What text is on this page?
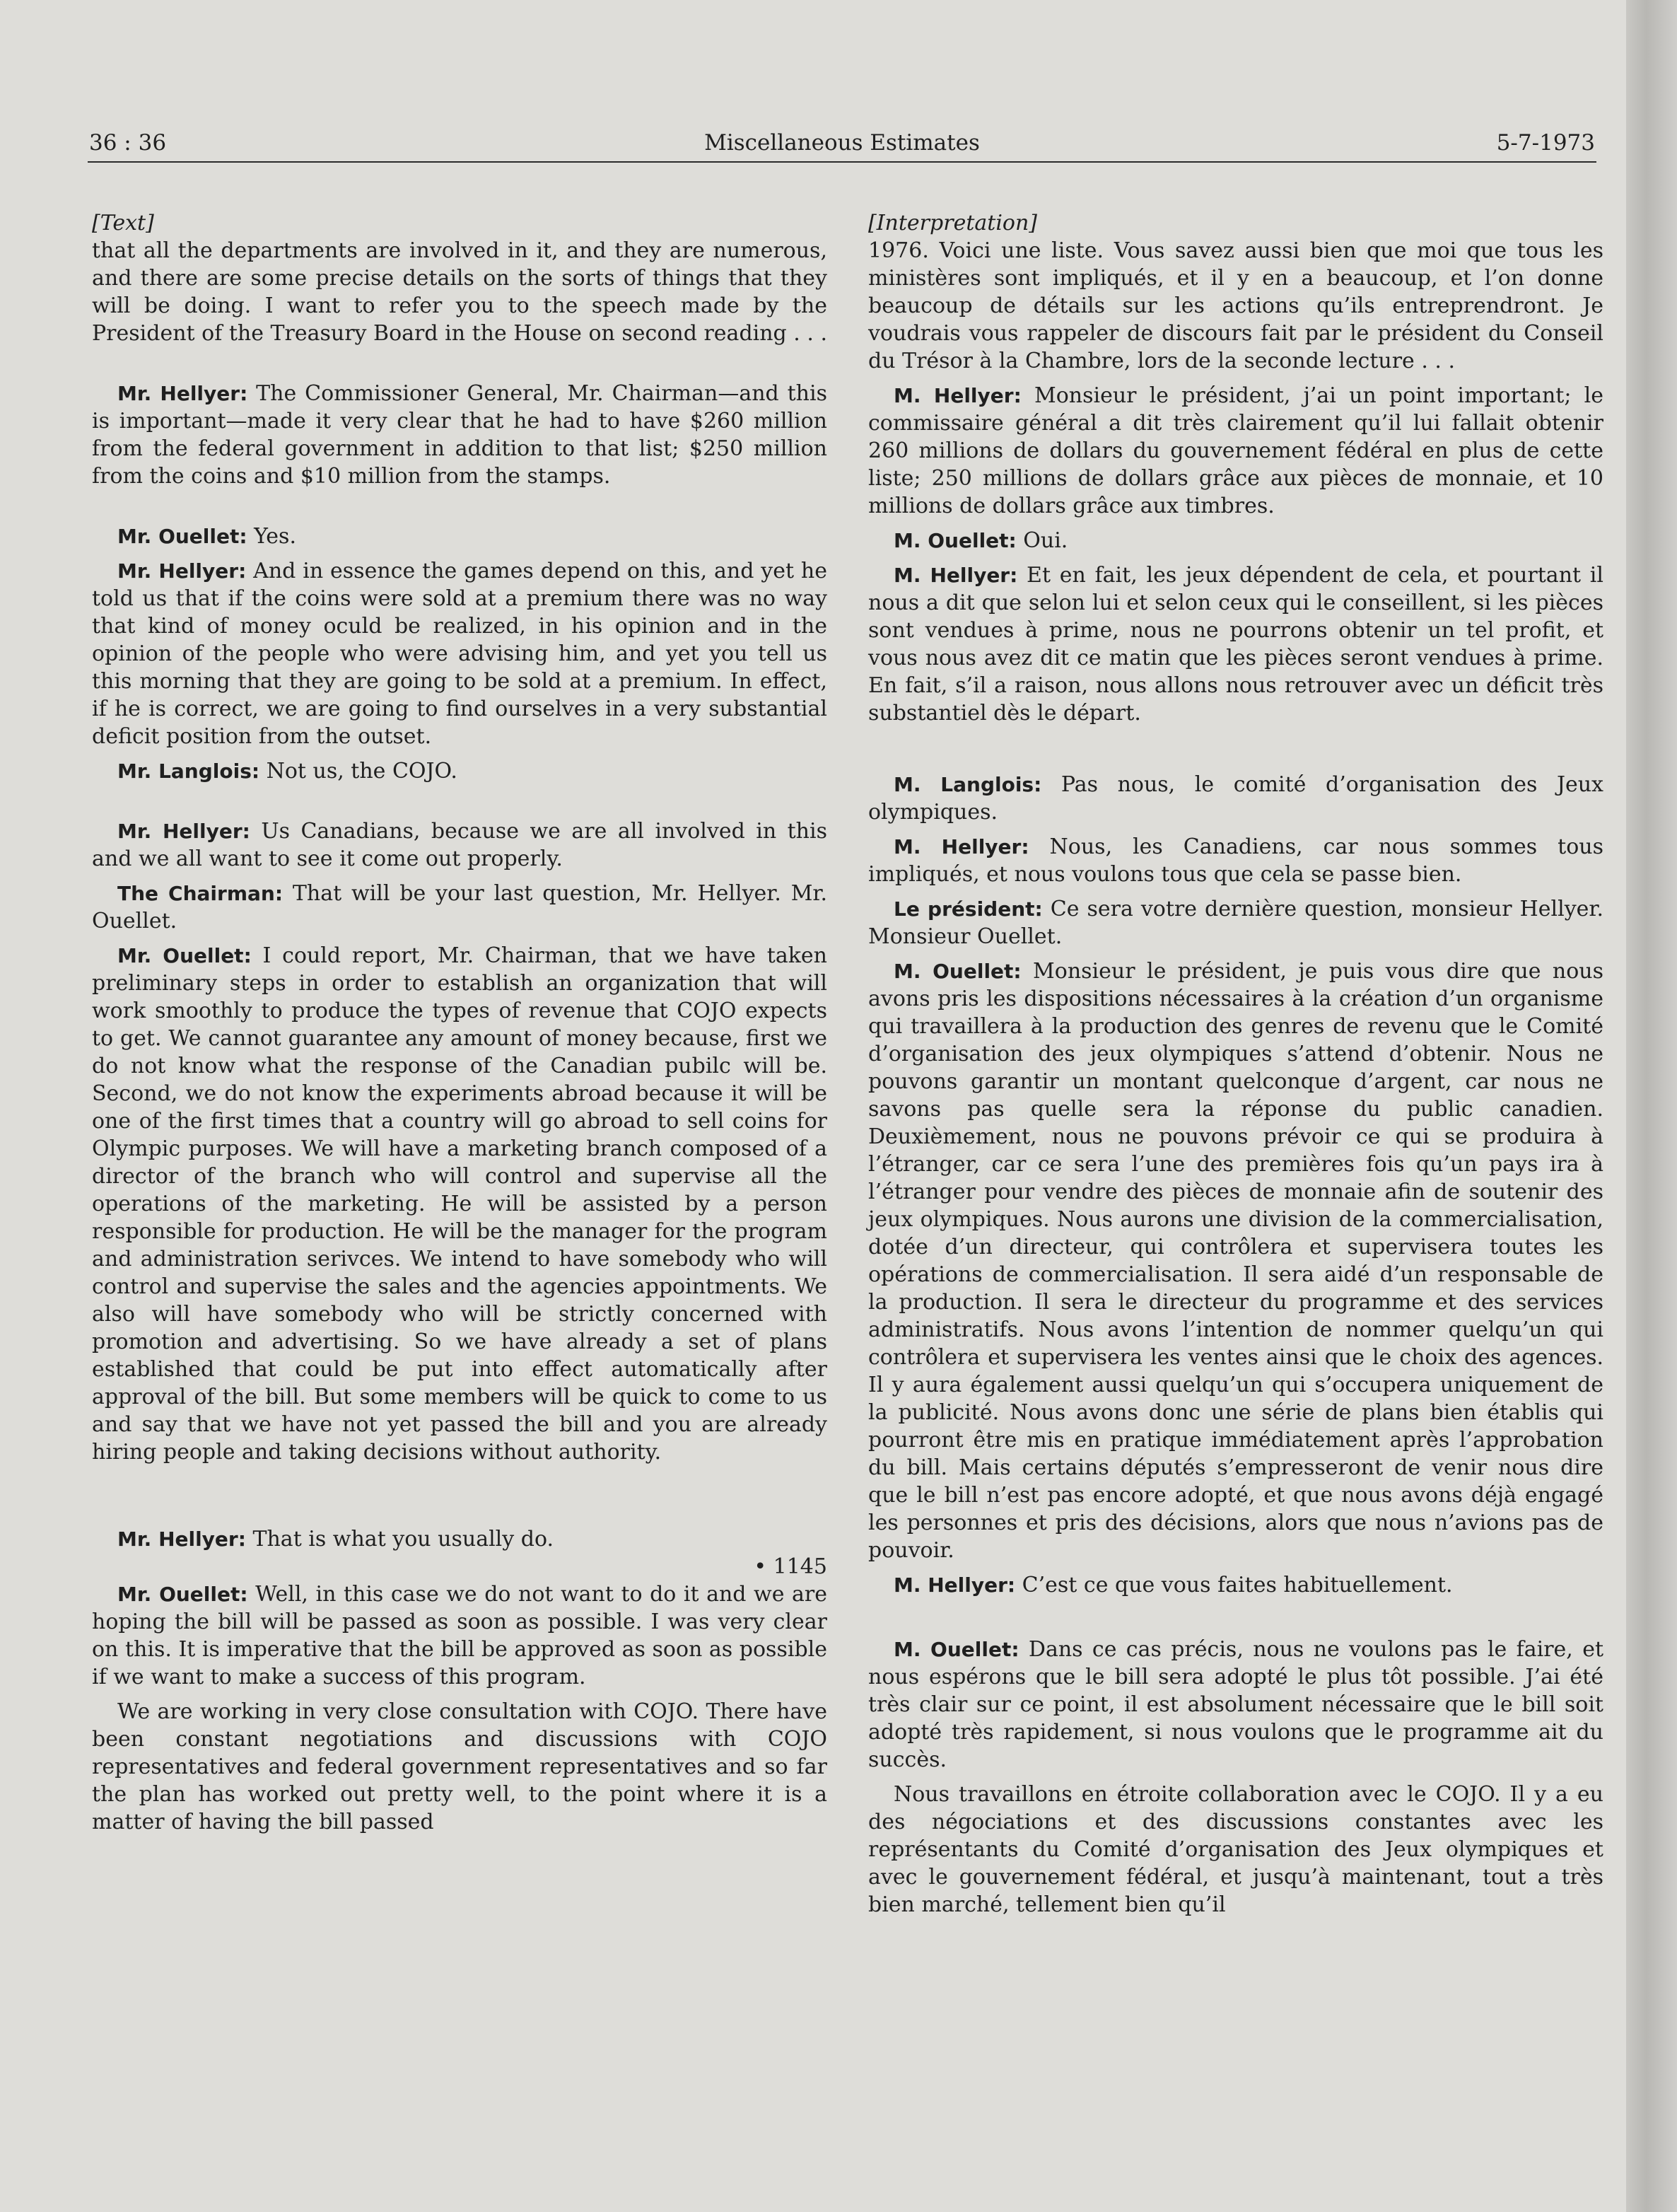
36 : 36	Miscellaneous Estimates	5-7-1973

[Text]

that all the departments are involved in it, and they are numerous, and there are some precise details on the sorts of things that they will be doing. I want to refer you to the speech made by the President of the Treasury Board in the House on second reading . . .

Mr. Hellyer: The Commissioner General, Mr. Chairman—and this is important—made it very clear that he had to have $260 million from the federal government in addition to that list; $250 million from the coins and $10 million from the stamps.

Mr. Ouellet: Yes.

Mr. Hellyer: And in essence the games depend on this, and yet he told us that if the coins were sold at a premium there was no way that kind of money oculd be realized, in his opinion and in the opinion of the people who were advising him, and yet you tell us this morning that they are going to be sold at a premium. In effect, if he is correct, we are going to find ourselves in a very substantial deficit position from the outset.

Mr. Langlois: Not us, the COJO.

Mr. Hellyer: Us Canadians, because we are all involved in this and we all want to see it come out properly.

The Chairman: That will be your last question, Mr. Hellyer. Mr. Ouellet.

Mr. Ouellet: I could report, Mr. Chairman, that we have taken preliminary steps in order to establish an organization that will work smoothly to produce the types of revenue that COJO expects to get. We cannot guarantee any amount of money because, first we do not know what the response of the Canadian pubilc will be. Second, we do not know the experiments abroad because it will be one of the first times that a country will go abroad to sell coins for Olympic purposes. We will have a marketing branch composed of a director of the branch who will control and supervise all the operations of the marketing. He will be assisted by a person responsible for production. He will be the manager for the program and administration serivces. We intend to have somebody who will control and supervise the sales and the agencies appointments. We also will have somebody who will be strictly concerned with promotion and advertising. So we have already a set of plans established that could be put into effect automatically after approval of the bill. But some members will be quick to come to us and say that we have not yet passed the bill and you are already hiring people and taking decisions without authority.

Mr. Hellyer: That is what you usually do.

• 1145

Mr. Ouellet: Well, in this case we do not want to do it and we are hoping the bill will be passed as soon as possible. I was very clear on this. It is imperative that the bill be approved as soon as possible if we want to make a success of this program.

We are working in very close consultation with COJO. There have been constant negotiations and discussions with COJO representatives and federal government representatives and so far the plan has worked out pretty well, to the point where it is a matter of having the bill passed

[Interpretation]

1976. Voici une liste. Vous savez aussi bien que moi que tous les ministères sont impliqués, et il y en a beaucoup, et l’on donne beaucoup de détails sur les actions qu’ils entreprendront. Je voudrais vous rappeler de discours fait par le président du Conseil du Trésor à la Chambre, lors de la seconde lecture . . .

M. Hellyer: Monsieur le président, j’ai un point important; le commissaire général a dit très clairement qu’il lui fallait obtenir 260 millions de dollars du gouvernement fédéral en plus de cette liste; 250 millions de dollars grâce aux pièces de monnaie, et 10 millions de dollars grâce aux timbres.

M. Ouellet: Oui.

M. Hellyer: Et en fait, les jeux dépendent de cela, et pourtant il nous a dit que selon lui et selon ceux qui le conseillent, si les pièces sont vendues à prime, nous ne pourrons obtenir un tel profit, et vous nous avez dit ce matin que les pièces seront vendues à prime. En fait, s’il a raison, nous allons nous retrouver avec un déficit très substantiel dès le départ.

M. Langlois: Pas nous, le comité d’organisation des Jeux olympiques.

M. Hellyer: Nous, les Canadiens, car nous sommes tous impliqués, et nous voulons tous que cela se passe bien.

Le président: Ce sera votre dernière question, monsieur Hellyer. Monsieur Ouellet.

M. Ouellet: Monsieur le président, je puis vous dire que nous avons pris les dispositions nécessaires à la création d’un organisme qui travaillera à la production des genres de revenu que le Comité d’organisation des jeux olympiques s’attend d’obtenir. Nous ne pouvons garantir un montant quelconque d’argent, car nous ne savons pas quelle sera la réponse du public canadien. Deuxièmement, nous ne pouvons prévoir ce qui se produira à l’étranger, car ce sera l’une des premières fois qu’un pays ira à l’étranger pour vendre des pièces de monnaie afin de soutenir des jeux olympiques. Nous aurons une division de la commercialisation, dotée d’un directeur, qui contrôlera et supervisera toutes les opérations de commercialisation. Il sera aidé d’un responsable de la production. Il sera le directeur du programme et des services administratifs. Nous avons l’intention de nommer quelqu’un qui contrôlera et supervisera les ventes ainsi que le choix des agences. Il y aura également aussi quelqu’un qui s’occupera uniquement de la publicité. Nous avons donc une série de plans bien établis qui pourront être mis en pratique immédiatement après l’approbation du bill. Mais certains députés s’empresseront de venir nous dire que le bill n’est pas encore adopté, et que nous avons déjà engagé les personnes et pris des décisions, alors que nous n’avions pas de pouvoir.

M. Hellyer: C’est ce que vous faites habituellement.

M. Ouellet: Dans ce cas précis, nous ne voulons pas le faire, et nous espérons que le bill sera adopté le plus tôt possible. J’ai été très clair sur ce point, il est absolument nécessaire que le bill soit adopté très rapidement, si nous voulons que le programme ait du succès.

Nous travaillons en étroite collaboration avec le COJO. Il y a eu des négociations et des discussions constantes avec les représentants du Comité d’organisation des Jeux olympiques et avec le gouvernement fédéral, et jusqu’à maintenant, tout a très bien marché, tellement bien qu’il
